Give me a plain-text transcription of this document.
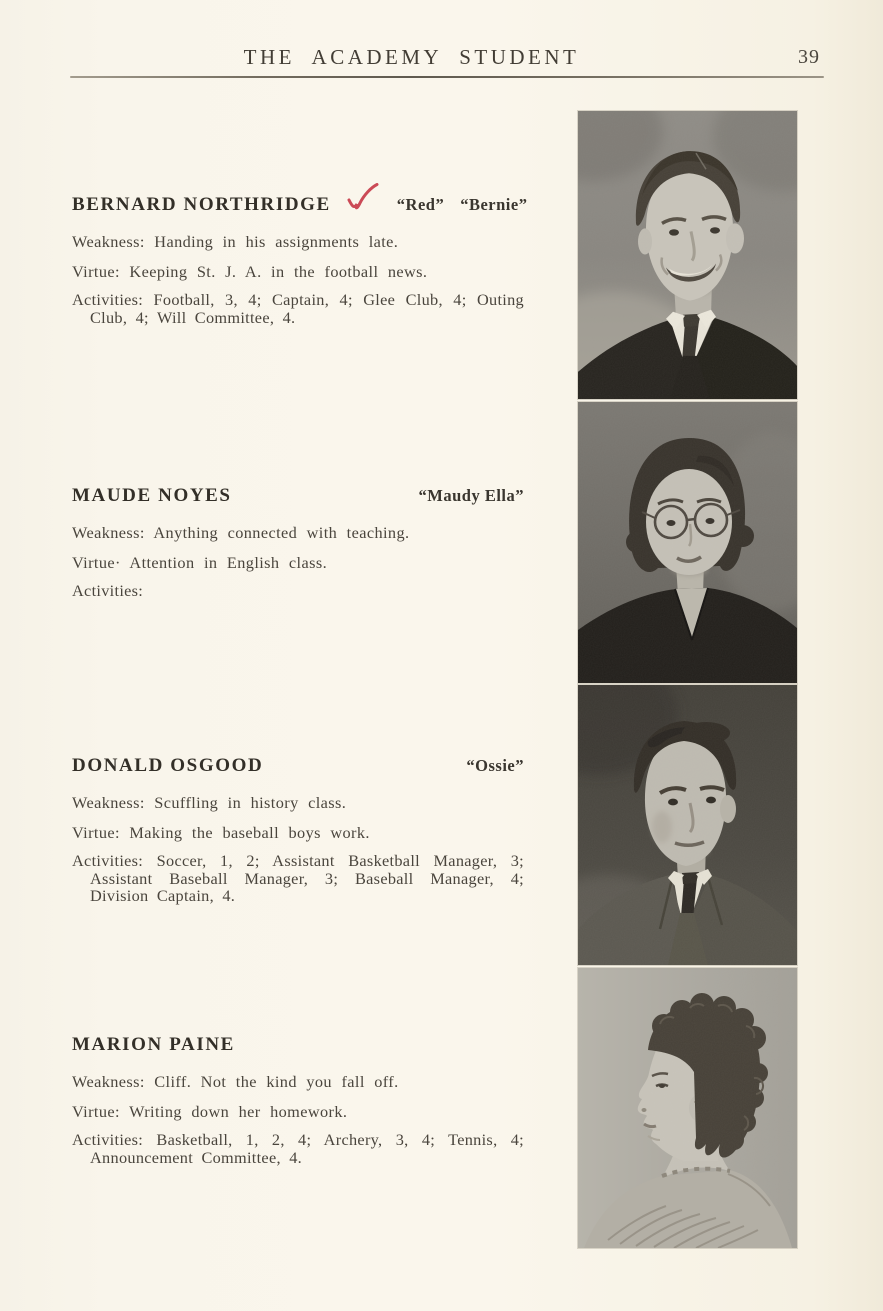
THE ACADEMY STUDENT	39
BERNARD NORTHRIDGE	“Red” “Bernie”

Weakness: Handing in his assignments late.

Virtue: Keeping St. J. A. in the football news.

Activities: Football, 3, 4; Captain, 4; Glee Club, 4; Outing Club, 4; Will Committee, 4.

MAUDE NOYES	“Maudy Ella”

Weakness: Anything connected with teaching.

Virtue· Attention in English class.

Activities:

DONALD OSGOOD	“Ossie”

Weakness: Scuffling in history class.

Virtue: Making the baseball boys work.

Activities: Soccer, 1, 2; Assistant Basketball Manager, 3; Assistant Baseball Manager, 3; Baseball Manager, 4; Division Captain, 4.

MARION PAINE

Weakness: Cliff. Not the kind you fall off.

Virtue: Writing down her homework.

Activities: Basketball, 1, 2, 4; Archery, 3, 4; Tennis, 4; Announcement Committee, 4.
